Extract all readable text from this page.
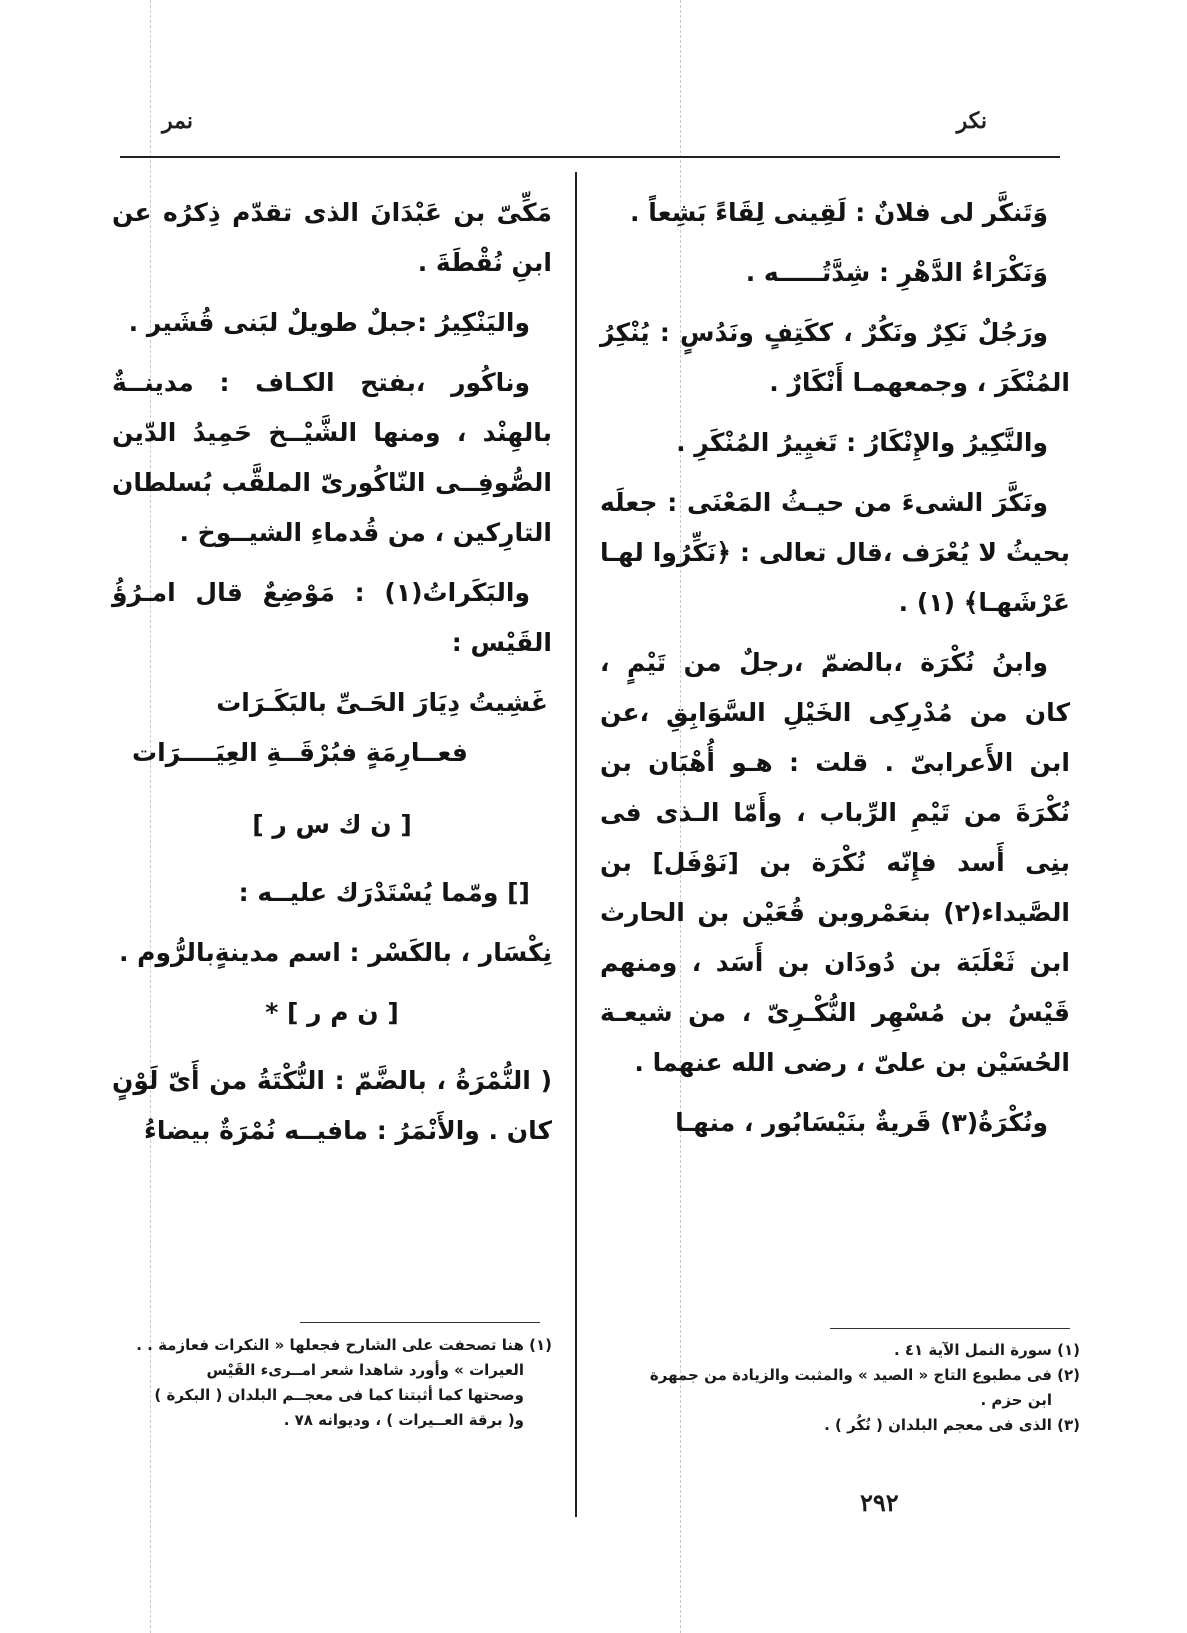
نكر
نمر

وَتَنكَّر لى فلانٌ : لَقِينى لِقَاءً بَشِعاً .

وَنَكْرَاءُ الدَّهْرِ : شِدَّتُـــــه .

ورَجُلٌ نَكِرٌ ونَكُرٌ ، ككَتِفٍ ونَدُسٍ : يُنْكِرُ المُنْكَرَ ، وجمعهمـا أَنْكَارٌ .

والنَّكِيرُ والإِنْكَارُ : تَغيِيرُ المُنْكَرِ .

ونَكَّرَ الشىءَ من حيـثُ المَعْنَى : جعلَه بحيثُ لا يُعْرَف ،قال تعالى : ﴿نَكِّرُوا لهـا عَرْشَهـا﴾ (١) .

وابنُ نُكْرَة ،بالضمّ ،رجلٌ من تَيْمٍ ، كان من مُدْرِكِى الخَيْلِ السَّوَابِقِ ،عن ابن الأَعرابىّ . قلت : هـو أُهْبَان بن نُكْرَةَ من تَيْمِ الرِّباب ، وأَمّا الـذى فى بنِى أَسد فإِنّه نُكْرَة بن [نَوْفَل] بن الصَّيداء(٢) بنعَمْروبن قُعَيْن بن الحارث ابن ثَعْلَبَة بن دُودَان بن أَسَد ، ومنهم قَيْسُ بن مُسْهِر النُّكْـرِىّ ، من شيعـة الحُسَيْن بن علىّ ، رضى الله عنهما .

ونُكْرَةُ(٣) قَريةٌ بنَيْسَابُور ، منهـا

مَكِّىّ بن عَبْدَانَ الذى تقدّم ذِكرُه عن ابنِ نُقْطَةَ .

واليَنْكِيرُ :جبلٌ طويلٌ لبَنى قُشَير .

وناكُور ،بفتح الكـاف : مدينــةٌ بالهِنْد ، ومنها الشَّيْــخ حَمِيدُ الدّين الصُّوفِــى النّاكُورىّ الملقَّب بُسلطان التارِكين ، من قُدماءِ الشيــوخ .

والبَكَراتُ(١) : مَوْضِعٌ قال امـرُؤُ القَيْس :

غَشِيتُ دِيَارَ الحَـىِّ بالبَكَـرَات
فعــارِمَةٍ فبُرْقَــةِ العِيَــــرَات
[ ن ك س ر ]

[] ومّما يُسْتَدْرَك عليــه :

نِكْسَار ، بالكَسْر : اسم مدينةٍبالرُّوم .

[ ن م ر ] *

( النُّمْرَةُ ، بالضَّمّ : النُّكْتَةُ من أَىّ لَوْنٍ كان . والأَنْمَرُ : مافيــه نُمْرَةٌ بيضاءُ

(١) سورة النمل الآية ٤١ .
(٢) فى مطبوع التاج « الصيد » والمثبت والزيادة من جمهرة
ابن حزم .
(٣) الذى فى معجم البلدان ( نُكُر ) .
(١) هنا تصحفت على الشارح فجعلها « النكرات فعازمة . .
العيرات » وأورد شاهدا شعر امــرىء القَيْس
وصحتها كما أثبتنا كما فى معجــم البلدان ( البكرة )
و( برقة العــيرات ) ، وديوانه ٧٨ .
٢٩٢
